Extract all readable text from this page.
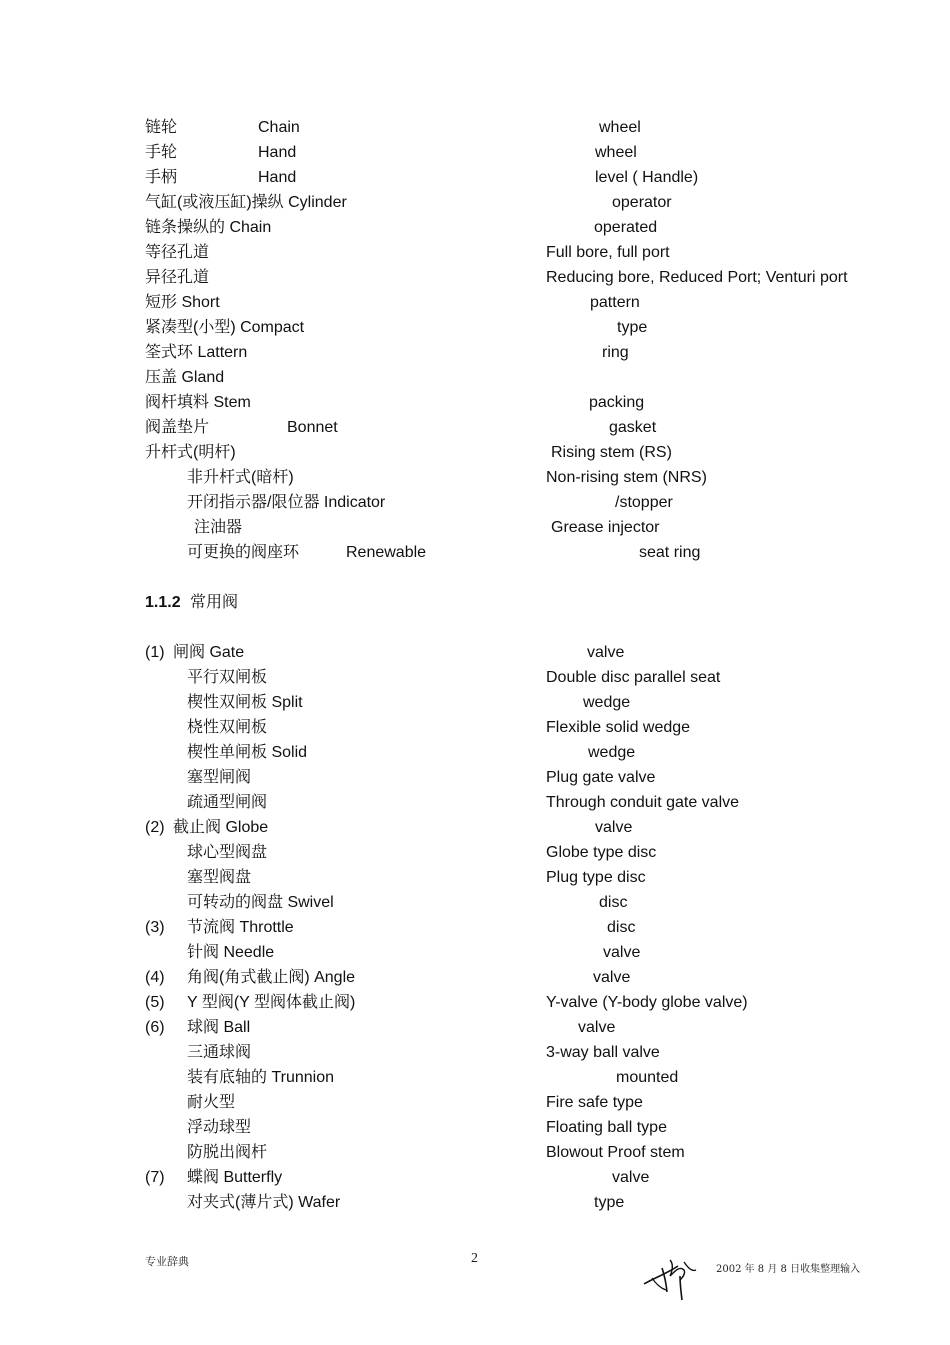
链轮	Chain	wheel
手轮	Hand	wheel
手柄	Hand	level ( Handle)
气缸(或液压缸)操纵 Cylinder	operator
链条操纵的 Chain	operated
等径孔道	Full bore, full port
异径孔道	Reducing bore, Reduced Port; Venturi port
短形 Short	pattern
紧凑型(小型) Compact	type
筌式环 Lattern	ring
压盖 Gland
阀杆填料 Stem	packing
阀盖垫片	Bonnet	gasket
升杆式(明杆)	Rising stem (RS)
非升杆式(暗杆)	Non-rising stem (NRS)
开闭指示器/限位器 Indicator	/stopper
注油器	Grease injector
可更换的阀座环	Renewable	seat ring
1.1.2 常用阀
(1) 闸阀 Gate	valve
平行双闸板	Double disc parallel seat
楔性双闸板 Split	wedge
桡性双闸板	Flexible solid wedge
楔性单闸板 Solid	wedge
塞型闸阀	Plug gate valve
疏通型闸阀	Through conduit gate valve
(2) 截止阀 Globe	valve
球心型阀盘	Globe type disc
塞型阀盘	Plug type disc
可转动的阀盘 Swivel	disc
(3) 节流阀 Throttle	disc
针阀 Needle	valve
(4) 角阀(角式截止阀) Angle	valve
(5) Y 型阀(Y 型阀体截止阀)	Y-valve (Y-body globe valve)
(6) 球阀 Ball	valve
三通球阀	3-way ball valve
装有底轴的 Trunnion	mounted
耐火型	Fire safe type
浮动球型	Floating ball type
防脱出阀杆	Blowout Proof stem
(7) 蝶阀 Butterfly	valve
对夹式(薄片式) Wafer	type
专业辞典	2
2002 年 8 月 8 日收集整理输入
